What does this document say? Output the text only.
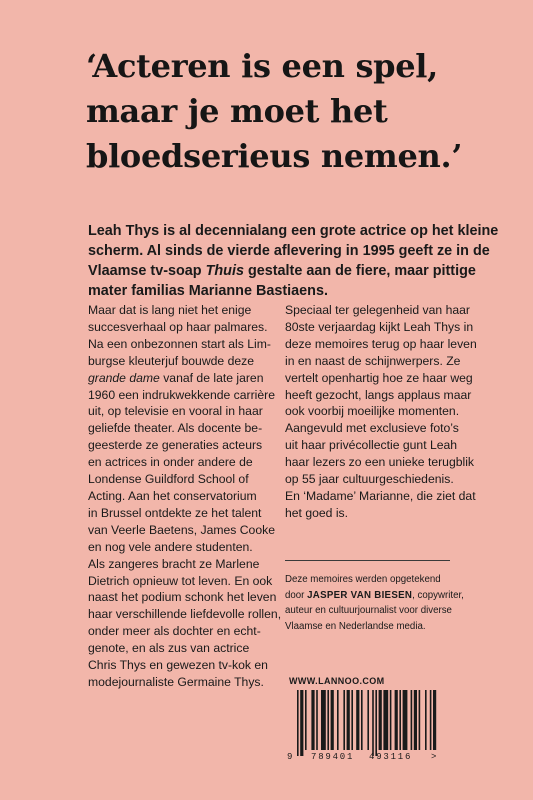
‘Acteren is een spel,
maar je moet het
bloedserieus nemen.’
Leah Thys is al decennialang een grote actrice op het kleine
scherm. Al sinds de vierde aflevering in 1995 geeft ze in de
Vlaamse tv-soap Thuis gestalte aan de fiere, maar pittige
mater familias Marianne Bastiaens.
Maar dat is lang niet het enige
succesverhaal op haar palmares.
Na een onbezonnen start als Lim-
burgse kleuterjuf bouwde deze
grande dame vanaf de late jaren
1960 een indrukwekkende carrière
uit, op televisie en vooral in haar
geliefde theater. Als docente be-
geesterde ze generaties acteurs
en actrices in onder andere de
Londense Guildford School of
Acting. Aan het conservatorium
in Brussel ontdekte ze het talent
van Veerle Baetens, James Cooke
en nog vele andere studenten.
Als zangeres bracht ze Marlene
Dietrich opnieuw tot leven. En ook
naast het podium schonk het leven
haar verschillende liefdevolle rollen,
onder meer als dochter en echt-
genote, en als zus van actrice
Chris Thys en gewezen tv-kok en
modejournaliste Germaine Thys.
Speciaal ter gelegenheid van haar
80ste verjaardag kijkt Leah Thys in
deze memoires terug op haar leven
in en naast de schijnwerpers. Ze
vertelt openhartig hoe ze haar weg
heeft gezocht, langs applaus maar
ook voorbij moeilijke momenten.
Aangevuld met exclusieve foto’s
uit haar privécollectie gunt Leah
haar lezers zo een unieke terugblik
op 55 jaar cultuurgeschiedenis.
En ‘Madame’ Marianne, die ziet dat
het goed is.
Deze memoires werden opgetekend
door JASPER VAN BIESEN, copywriter,
auteur en cultuurjournalist voor diverse
Vlaamse en Nederlandse media.
WWW.LANNOO.COM
9 789401 493116 >
